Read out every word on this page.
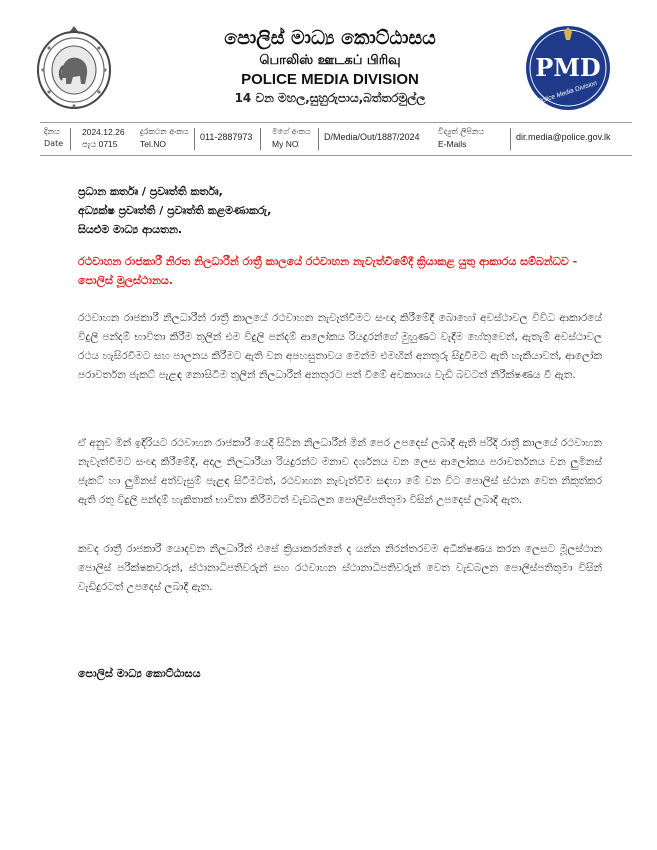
පොලිස් මාධ්‍ය කොට්ඨාසය

பொலிஸ் ஊடகப் பிரிவு

POLICE MEDIA DIVISION

14 වන මහල,සුහුරුපාය,බත්තරමුල්ල

PMD
Police Media Division
දිනය
Date
2024.12.26
පැය 0715
දුරකථන අංකය
Tel.NO
011-2887973
මගේ අංකය
My NO
D/Media/Out/1887/2024
විද්‍යුත් ලිපිනය
E-Mails
dir.media@police.gov.lk

ප්‍රධාන කර්තෘ / ප්‍රවෘත්ති කර්තෘ,

අධ්‍යක්ෂ ප්‍රවෘත්ති / ප්‍රවෘත්ති කළමණාකරු,

සියළුම මාධ්‍ය ආයතන.

රථවාහන රාජකාරී නිරත නිලධාරීන් රාත්‍රී කාලයේ රථවාහන නැවැත්වීමේදී ක්‍රියාකළ යුතු ආකාරය සම්බන්ධව - පොලිස් මූලස්ථානය.

රථවාහන රාජකාරී නිලධාරීන් රාත්‍රී කාලයේ රථවාහන නැවැත්වීමට සංඥා කිරීමේදී බොහෝ අවස්ථාවල විවිධ ආකාරයේ විදුලි පන්දම් භාවිතා කිරීම තුලින් එම විදුලි පන්දම් ආලෝකය රියදුරන්ගේ මුහුණට වැදීම හේතුවෙන්, ඇතැම් අවස්ථාවල රථය හැසිරවීමට සහ පාලනය කිරීමට ඇති වන අපහසුතාවය මෙන්ම එමඟින් අනතුරු සිදුවීමට ඇති හැකියාවත්, ආලෝක පරාවර්තන ජැකට් පැළඳ නොසිටීම තුලින් නිලධාරීන් අනතුරට පත් වීමේ අවකාශය වැඩි බවටත් නිරීක්ෂණය වී ඇත.

ඒ අනුව මින් ඉදිරියට රථවාහන රාජකාරී යෙදී සිටින නිලධාරීන් මින් පෙර උපදෙස් ලබාදී ඇති පරිදි රාත්‍රී කාලයේ රථවාහන නැවැත්වීමට සංඥා කිරීමේදී, අදාල නිලධාරීයා රියදුරන්ට මනාව දර්ශනය වන ලෙස ආලෝකය පරාවර්තනය වන ලුමිනස් ජැකට් හා ලුමිනස් අත්වැසුම් පැළඳ සිටීමටත්, රථවාහන නැවැත්වීම සඳහා මේ වන විට පොලිස් ස්ථාන වෙත නිකුත්කර ඇති රතු විදුලි පන්දම් හැකිතාක් භාවිතා කිරීමටත් වැඩබලන පොලිස්පතිතුමා විසින් උපදෙස් ලබාදී ඇත.

කවද රාත්‍රී රාජකාරී යොදවන නිලධාරීන් එසේ ක්‍රියාකරන්නේ ද යන්න නිරන්තරවම අධීක්ෂණය කරන ලෙසට මූලස්ථාන පොලිස් පරීක්ෂකවරුන්, ස්ථානාධිපතිවරුන් සහ රථවාහන ස්ථානාධිපතිවරුන් වෙත වැඩබලන පොලිස්පතිතුමා විසින් වැඩිදුරටත් උපදෙස් ලබාදී ඇත.

පොලිස් මාධ්‍ය කොට්ඨාසය
